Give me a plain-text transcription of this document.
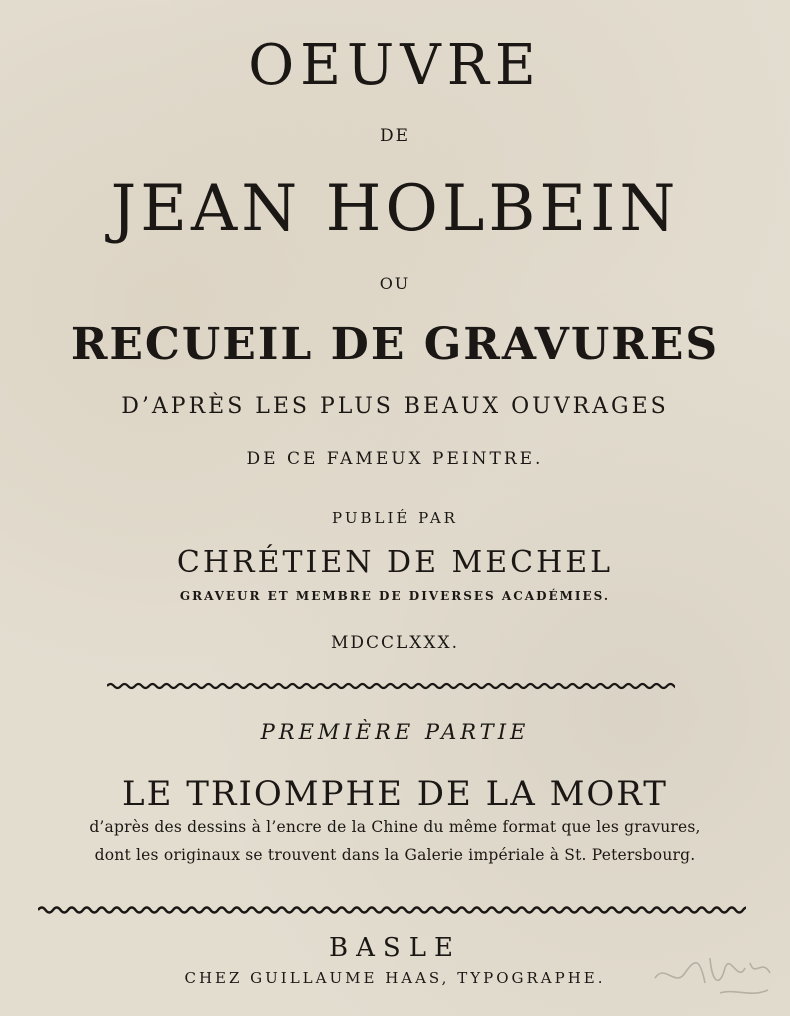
OEUVRE
DE
JEAN HOLBEIN
OU
RECUEIL DE GRAVURES
D’APRÈS LES PLUS BEAUX OUVRAGES
DE CE FAMEUX PEINTRE.
PUBLIÉ PAR
CHRÉTIEN DE MECHEL
GRAVEUR ET MEMBRE DE DIVERSES ACADÉMIES.
MDCCLXXX.
PREMIÈRE PARTIE
LE TRIOMPHE DE LA MORT
d’après des dessins à l’encre de la Chine du même format que les gravures,
dont les originaux se trouvent dans la Galerie impériale à St. Petersbourg.
BASLE
CHEZ GUILLAUME HAAS, TYPOGRAPHE.
